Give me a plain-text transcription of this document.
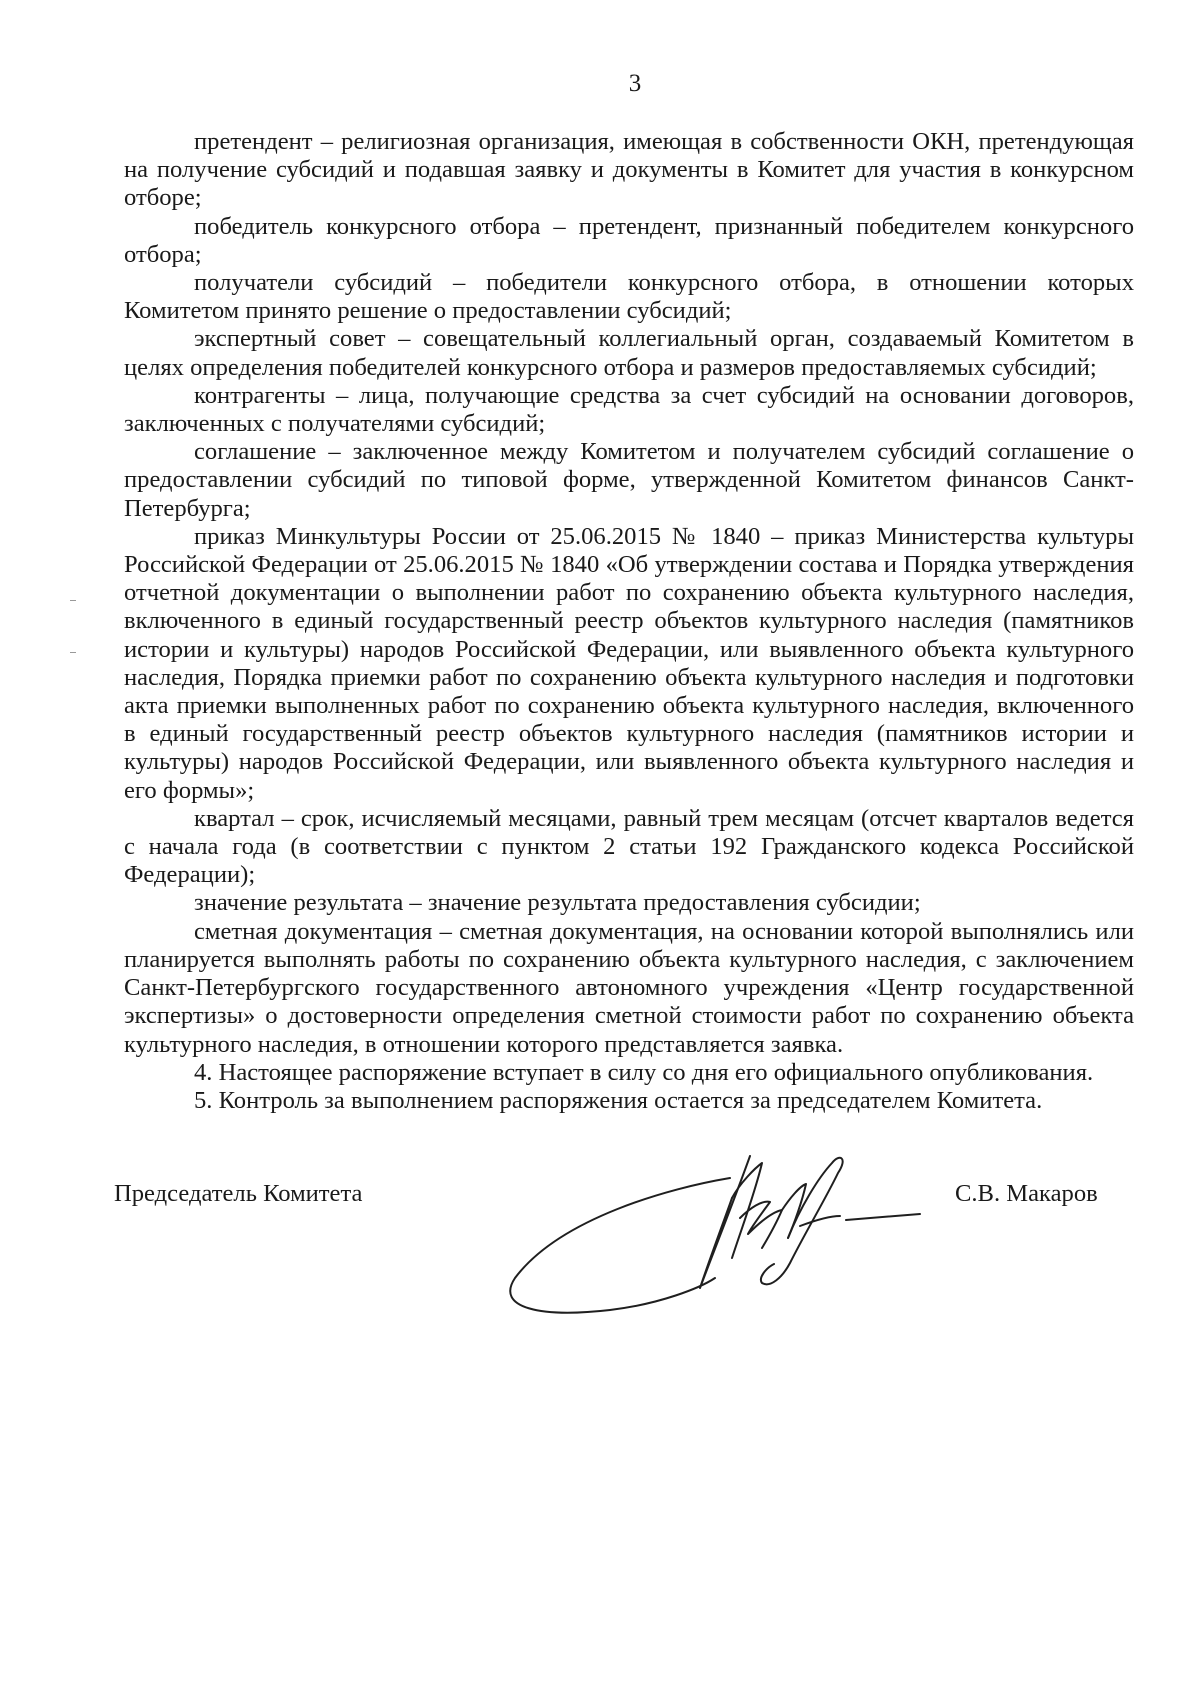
3

претендент – религиозная организация, имеющая в собственности ОКН, претендующая на получение субсидий и подавшая заявку и документы в Комитет для участия в конкурсном отборе;

победитель конкурсного отбора – претендент, признанный победителем конкурсного отбора;

получатели субсидий – победители конкурсного отбора, в отношении которых Комитетом принято решение о предоставлении субсидий;

экспертный совет – совещательный коллегиальный орган, создаваемый Комитетом в целях определения победителей конкурсного отбора и размеров предоставляемых субсидий;

контрагенты – лица, получающие средства за счет субсидий на основании договоров, заключенных с получателями субсидий;

соглашение – заключенное между Комитетом и получателем субсидий соглашение о предоставлении субсидий по типовой форме, утвержденной Комитетом финансов Санкт-Петербурга;

приказ Минкультуры России от 25.06.2015 № 1840 – приказ Министерства культуры Российской Федерации от 25.06.2015 № 1840 «Об утверждении состава и Порядка утверждения отчетной документации о выполнении работ по сохранению объекта культурного наследия, включенного в единый государственный реестр объектов культурного наследия (памятников истории и культуры) народов Российской Федерации, или выявленного объекта культурного наследия, Порядка приемки работ по сохранению объекта культурного наследия и подготовки акта приемки выполненных работ по сохранению объекта культурного наследия, включенного в единый государственный реестр объектов культурного наследия (памятников истории и культуры) народов Российской Федерации, или выявленного объекта культурного наследия и его формы»;

квартал – срок, исчисляемый месяцами, равный трем месяцам (отсчет кварталов ведется с начала года (в соответствии с пунктом 2 статьи 192 Гражданского кодекса Российской Федерации);

значение результата – значение результата предоставления субсидии;

сметная документация – сметная документация, на основании которой выполнялись или планируется выполнять работы по сохранению объекта культурного наследия, с заключением Санкт-Петербургского государственного автономного учреждения «Центр государственной экспертизы» о достоверности определения сметной стоимости работ по сохранению объекта культурного наследия, в отношении которого представляется заявка.

4. Настоящее распоряжение вступает в силу со дня его официального опубликования.

5. Контроль за выполнением распоряжения остается за председателем Комитета.

Председатель Комитета	С.В. Макаров
